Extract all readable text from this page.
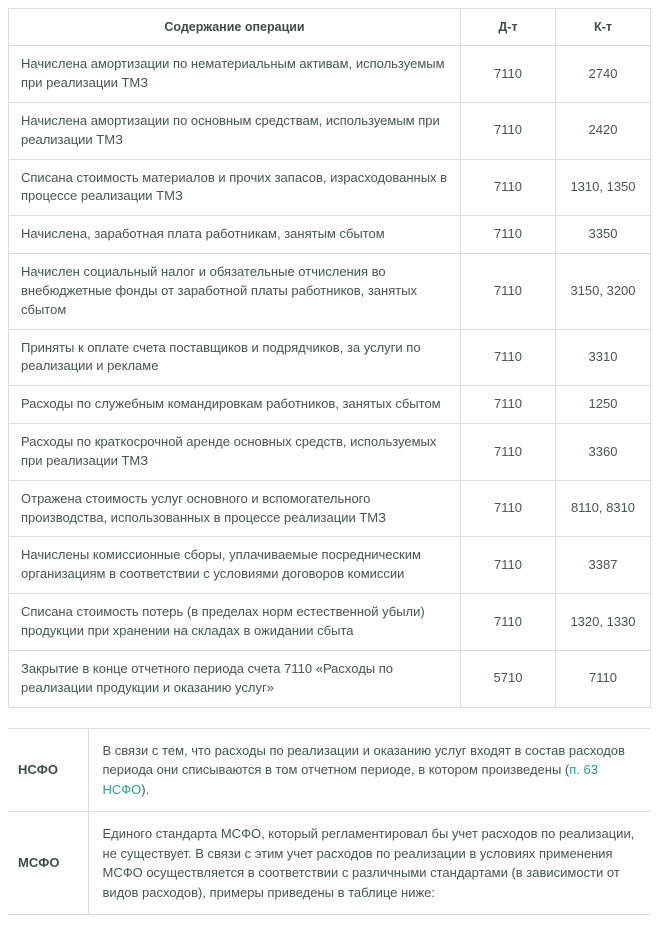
Содержание операции	Д-т	К-т
Начислена амортизации по нематериальным активам, используемым при реализации ТМЗ	7110	2740
Начислена амортизации по основным средствам, используемым при реализации ТМЗ	7110	2420
Списана стоимость материалов и прочих запасов, израсходованных в процессе реализации ТМЗ	7110	1310, 1350
Начислена, заработная плата работникам, занятым сбытом	7110	3350
Начислен социальный налог и обязательные отчисления во внебюджетные фонды от заработной платы работников, занятых сбытом	7110	3150, 3200
Приняты к оплате счета поставщиков и подрядчиков, за услуги по реализации и рекламе	7110	3310
Расходы по служебным командировкам работников, занятых сбытом	7110	1250
Расходы по краткосрочной аренде основных средств, используемых при реализации ТМЗ	7110	3360
Отражена стоимость услуг основного и вспомогательного производства, использованных в процессе реализации ТМЗ	7110	8110, 8310
Начислены комиссионные сборы, уплачиваемые посредническим организациям в соответствии с условиями договоров комиссии	7110	3387
Списана стоимость потерь (в пределах норм естественной убыли) продукции при хранении на складах в ожидании сбыта	7110	1320, 1330
Закрытие в конце отчетного периода счета 7110 «Расходы по реализации продукции и оказанию услуг»	5710	7110
НСФО	В связи с тем, что расходы по реализации и оказанию услуг входят в состав расходов периода они списываются в том отчетном периоде, в котором произведены (п. 63 НСФО).
МСФО	Единого стандарта МСФО, который регламентировал бы учет расходов по реализации, не существует. В связи с этим учет расходов по реализации в условиях применения МСФО осуществляется в соответствии с различными стандартами (в зависимости от видов расходов), примеры приведены в таблице ниже:
